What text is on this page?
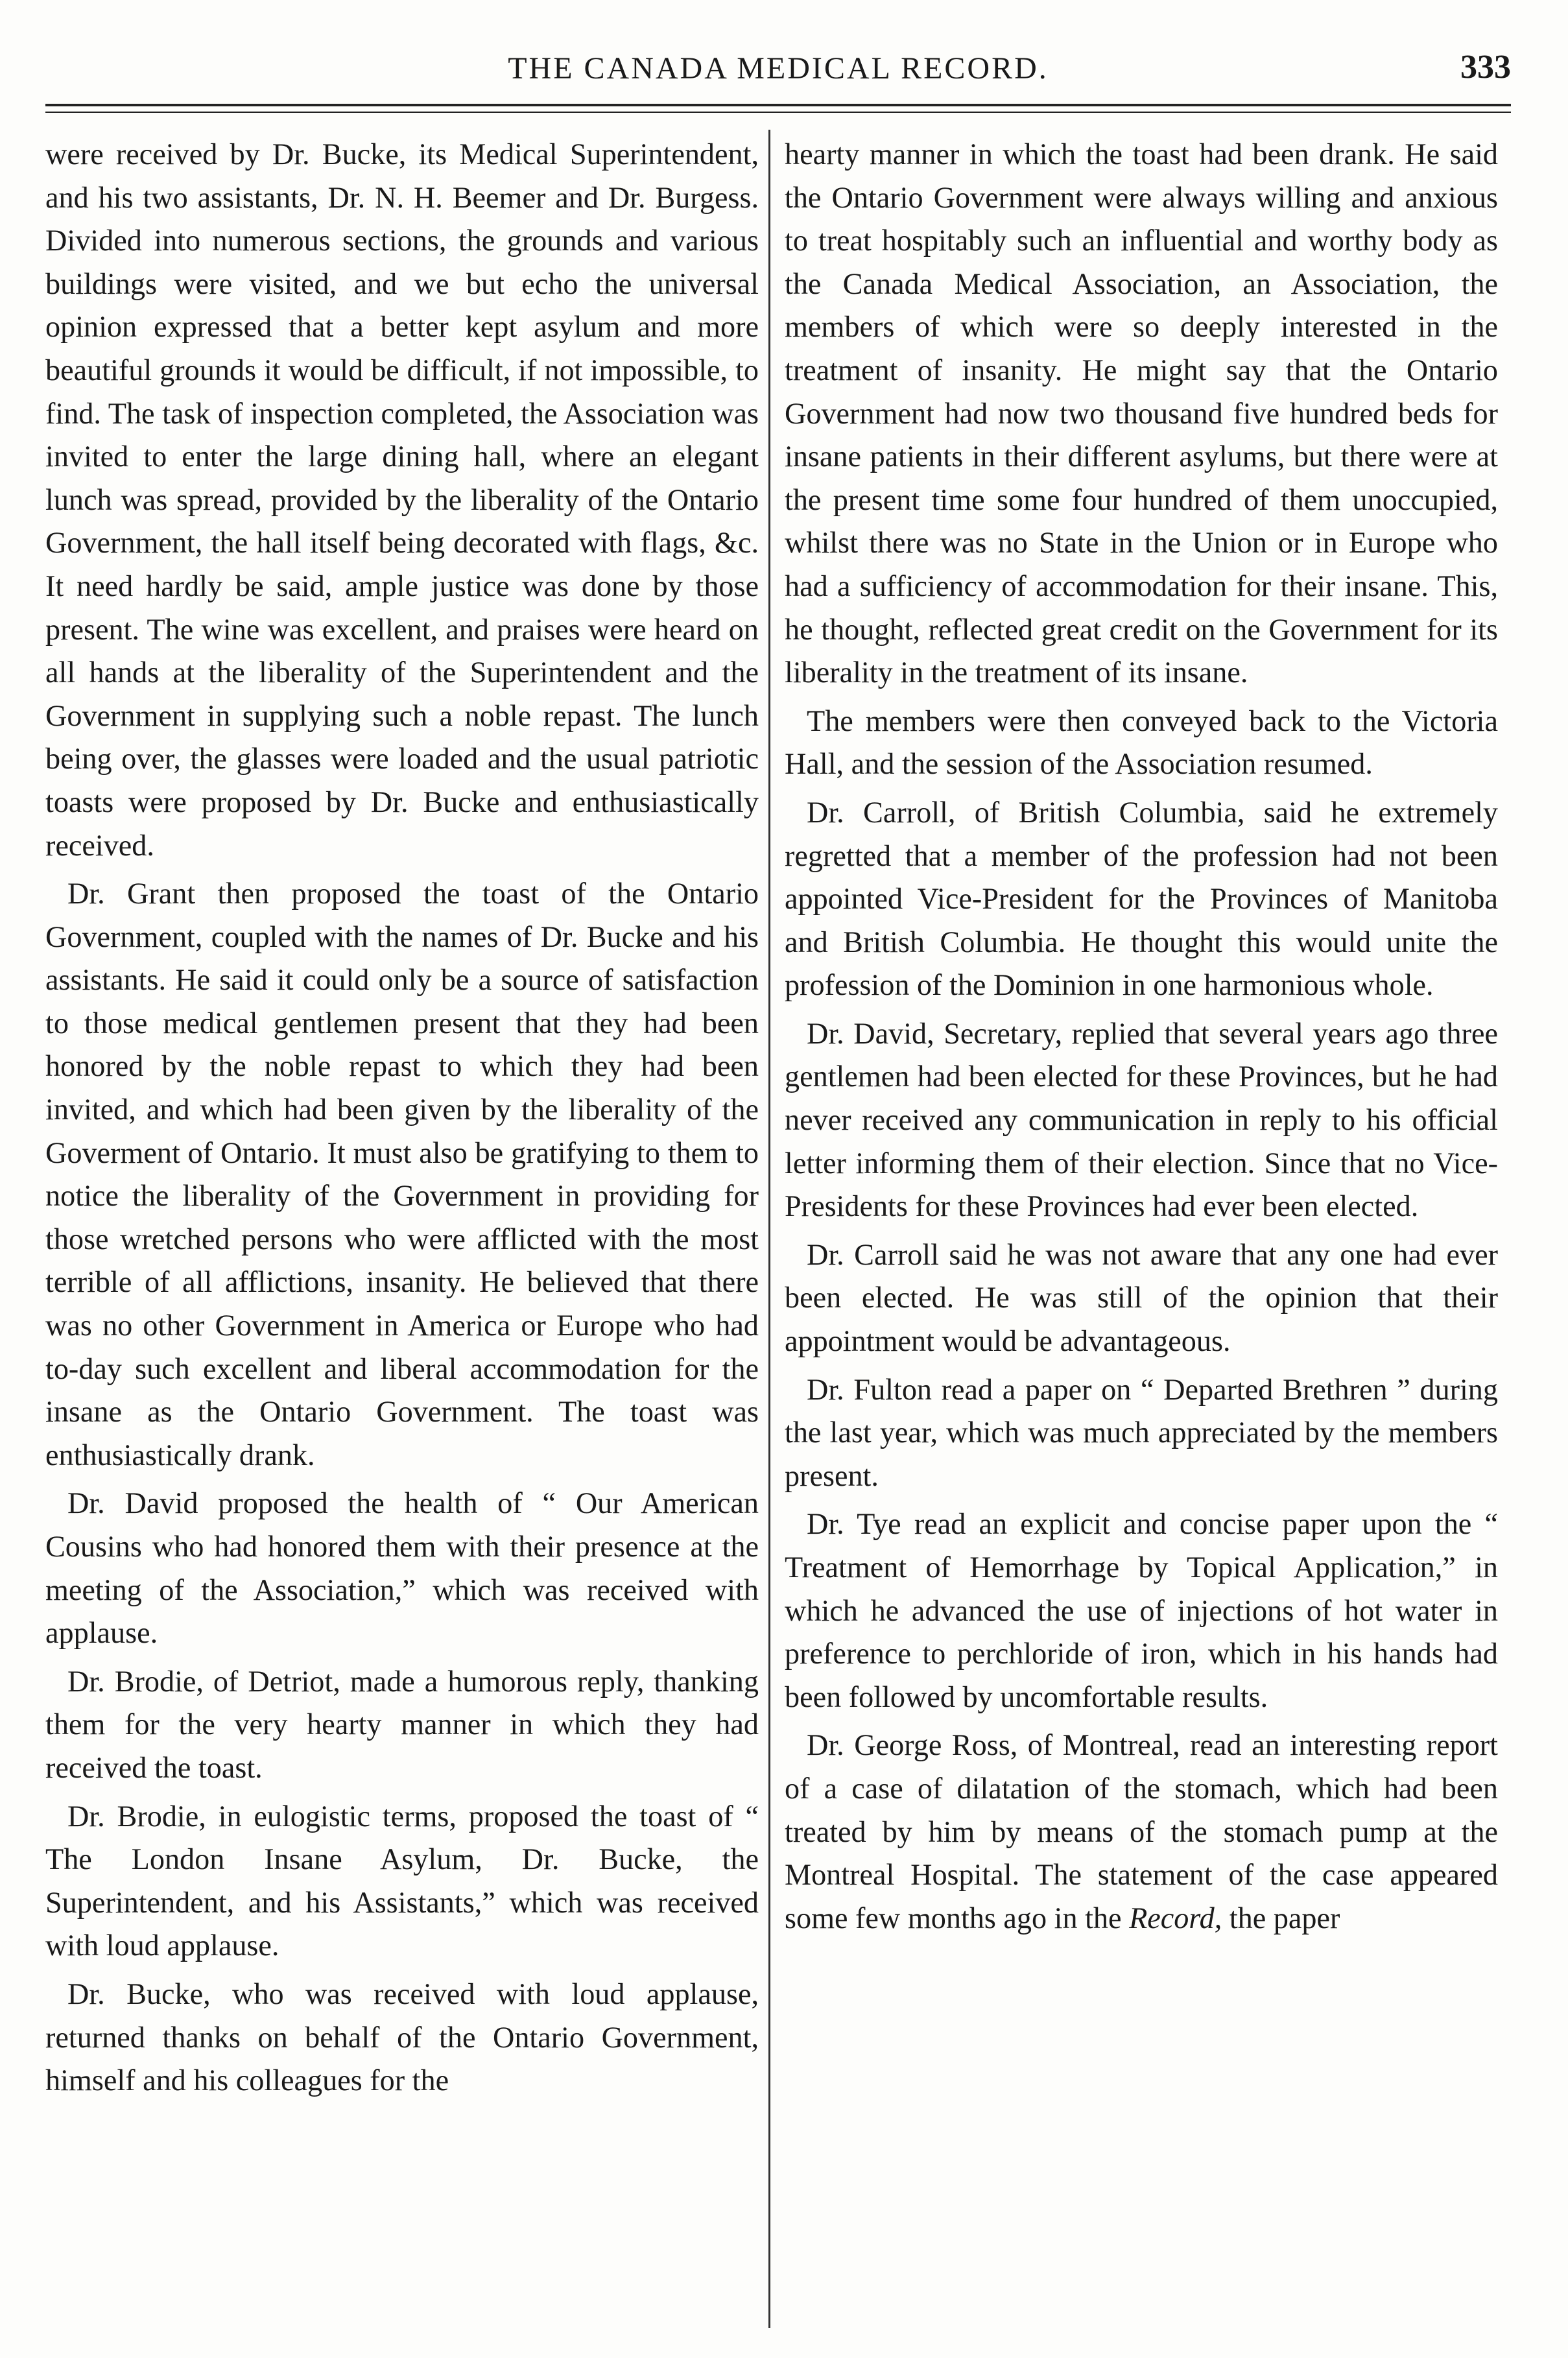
THE CANADA MEDICAL RECORD.	333

were received by Dr. Bucke, its Medical Superintendent, and his two assistants, Dr. N. H. Beemer and Dr. Burgess. Divided into numerous sections, the grounds and various buildings were visited, and we but echo the universal opinion expressed that a better kept asylum and more beautiful grounds it would be difficult, if not impossible, to find. The task of inspection completed, the Association was invited to enter the large dining hall, where an elegant lunch was spread, provided by the liberality of the Ontario Government, the hall itself being decorated with flags, &c. It need hardly be said, ample justice was done by those present. The wine was excellent, and praises were heard on all hands at the liberality of the Superintendent and the Government in supplying such a noble repast. The lunch being over, the glasses were loaded and the usual patriotic toasts were proposed by Dr. Bucke and enthusiastically received.

Dr. Grant then proposed the toast of the Ontario Government, coupled with the names of Dr. Bucke and his assistants. He said it could only be a source of satisfaction to those medical gentlemen present that they had been honored by the noble repast to which they had been invited, and which had been given by the liberality of the Goverment of Ontario. It must also be gratifying to them to notice the liberality of the Government in providing for those wretched persons who were afflicted with the most terrible of all afflictions, insanity. He believed that there was no other Government in America or Europe who had to-day such excellent and liberal accommodation for the insane as the Ontario Government. The toast was enthusiastically drank.

Dr. David proposed the health of “ Our American Cousins who had honored them with their presence at the meeting of the Association,” which was received with applause.

Dr. Brodie, of Detriot, made a humorous reply, thanking them for the very hearty manner in which they had received the toast.

Dr. Brodie, in eulogistic terms, proposed the toast of “ The London Insane Asylum, Dr. Bucke, the Superintendent, and his Assistants,” which was received with loud applause.

Dr. Bucke, who was received with loud applause, returned thanks on behalf of the Ontario Government, himself and his colleagues for the

hearty manner in which the toast had been drank. He said the Ontario Government were always willing and anxious to treat hospitably such an influential and worthy body as the Canada Medical Association, an Association, the members of which were so deeply interested in the treatment of insanity. He might say that the Ontario Government had now two thousand five hundred beds for insane patients in their different asylums, but there were at the present time some four hundred of them unoccupied, whilst there was no State in the Union or in Europe who had a sufficiency of accommodation for their insane. This, he thought, reflected great credit on the Government for its liberality in the treatment of its insane.

The members were then conveyed back to the Victoria Hall, and the session of the Association resumed.

Dr. Carroll, of British Columbia, said he extremely regretted that a member of the profession had not been appointed Vice-President for the Provinces of Manitoba and British Columbia. He thought this would unite the profession of the Dominion in one harmonious whole.

Dr. David, Secretary, replied that several years ago three gentlemen had been elected for these Provinces, but he had never received any communication in reply to his official letter informing them of their election. Since that no Vice-Presidents for these Provinces had ever been elected.

Dr. Carroll said he was not aware that any one had ever been elected. He was still of the opinion that their appointment would be advantageous.

Dr. Fulton read a paper on “ Departed Brethren ” during the last year, which was much appreciated by the members present.

Dr. Tye read an explicit and concise paper upon the “ Treatment of Hemorrhage by Topical Application,” in which he advanced the use of injections of hot water in preference to perchloride of iron, which in his hands had been followed by uncomfortable results.

Dr. George Ross, of Montreal, read an interesting report of a case of dilatation of the stomach, which had been treated by him by means of the stomach pump at the Montreal Hospital. The statement of the case appeared some few months ago in the Record, the paper
